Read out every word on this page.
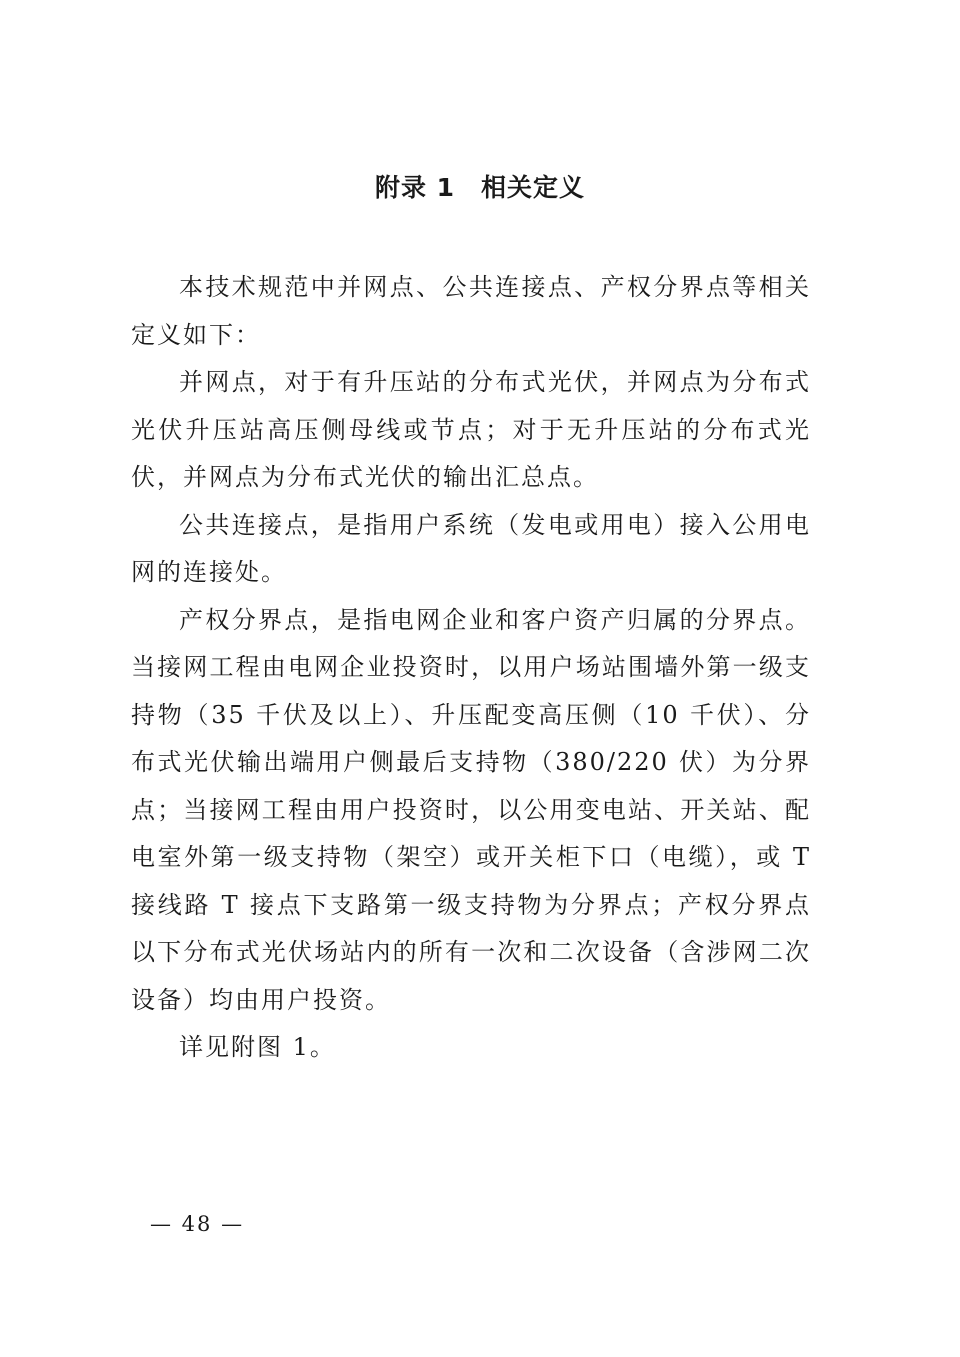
附录 1　相关定义

本技术规范中并网点、公共连接点、产权分界点等相关定义如下：

并网点，对于有升压站的分布式光伏，并网点为分布式光伏升压站高压侧母线或节点；对于无升压站的分布式光伏，并网点为分布式光伏的输出汇总点。

公共连接点，是指用户系统（发电或用电）接入公用电网的连接处。

产权分界点，是指电网企业和客户资产归属的分界点。当接网工程由电网企业投资时，以用户场站围墙外第一级支持物（35 千伏及以上）、升压配变高压侧（10 千伏）、分布式光伏输出端用户侧最后支持物（380/220 伏）为分界点；当接网工程由用户投资时，以公用变电站、开关站、配电室外第一级支持物（架空）或开关柜下口（电缆），或 T 接线路 T 接点下支路第一级支持物为分界点；产权分界点以下分布式光伏场站内的所有一次和二次设备（含涉网二次设备）均由用户投资。

详见附图 1。

— 48 —
